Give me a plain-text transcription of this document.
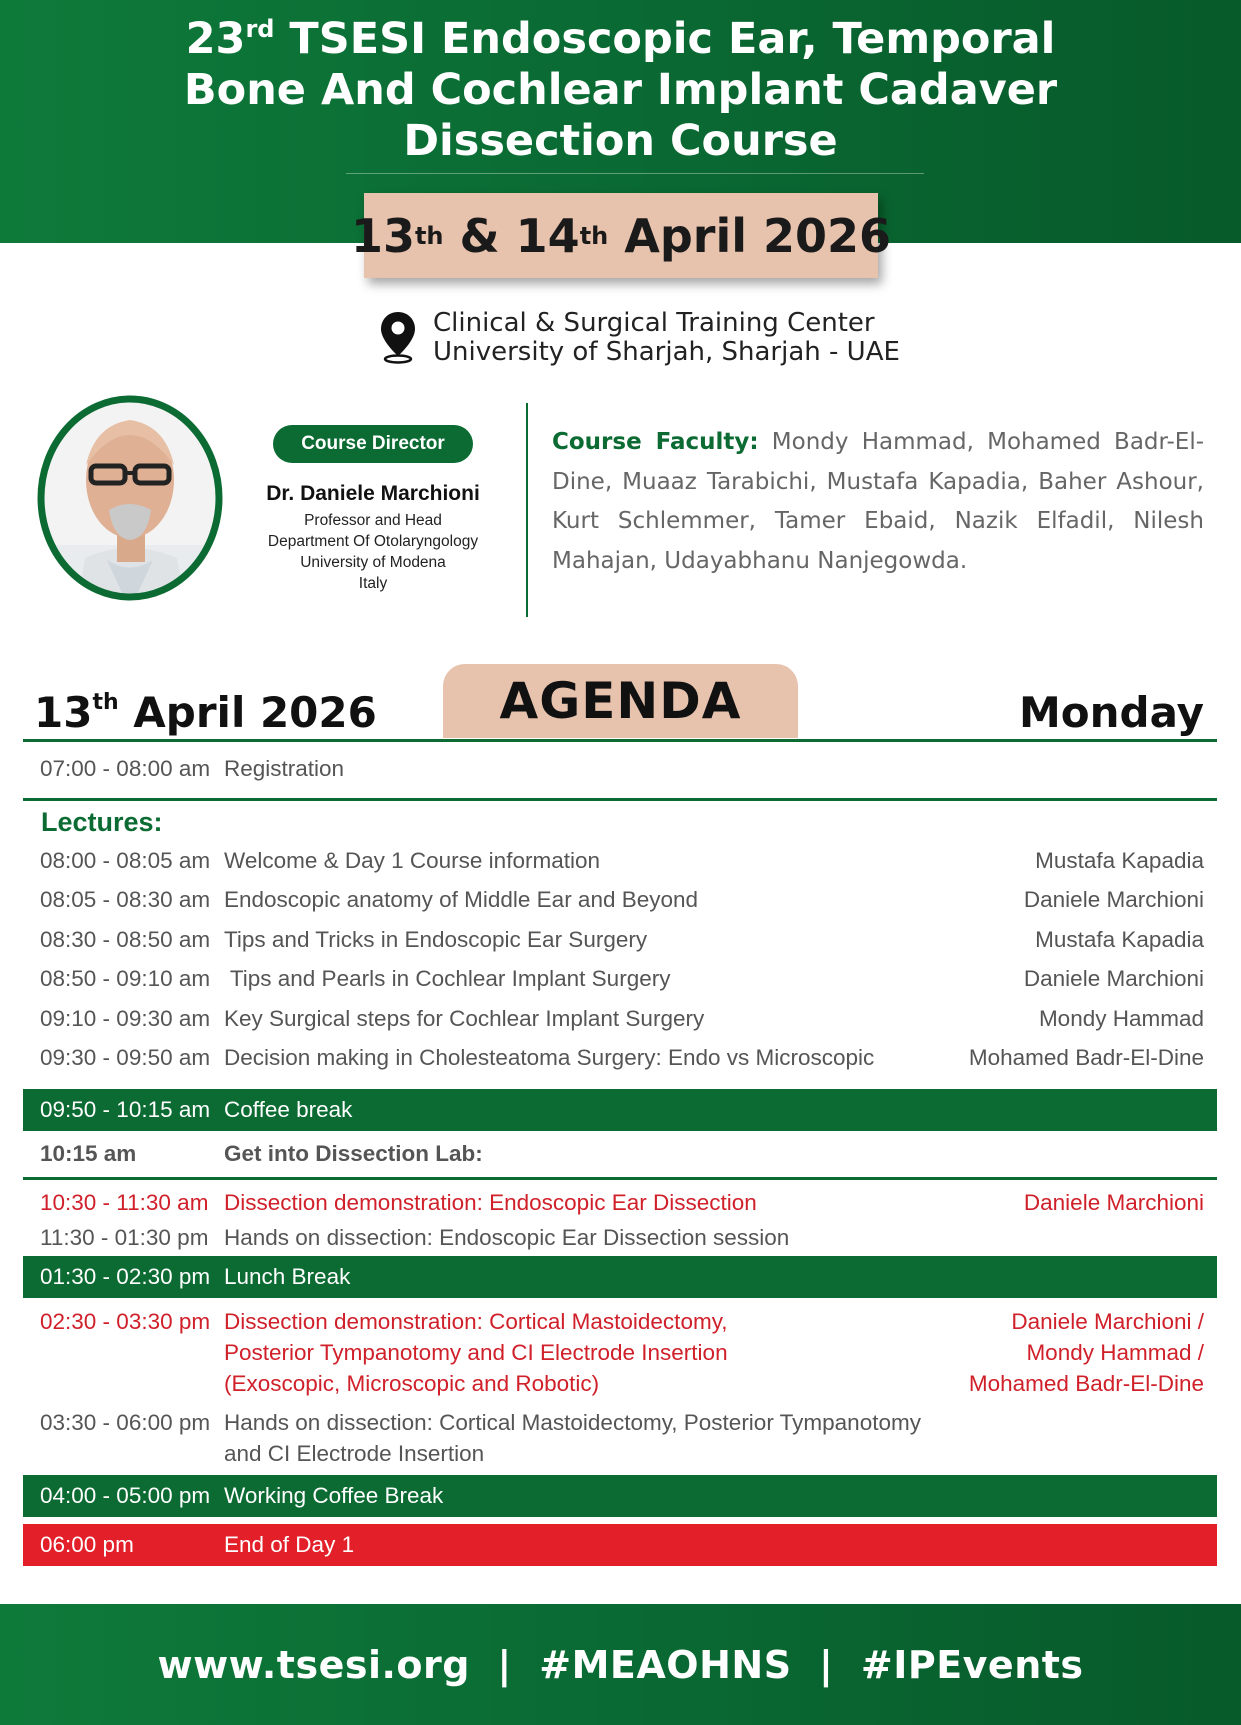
23rd TSESI Endoscopic Ear, Temporal
Bone And Cochlear Implant Cadaver
Dissection Course
13 th & 14 th April 2026
Clinical & Surgical Training Center
University of Sharjah, Sharjah - UAE
Course Director
Dr. Daniele Marchioni
Professor and Head
Department Of Otolaryngology
University of Modena
Italy
Course Faculty: Mondy Hammad, Mohamed Badr-El-Dine, Muaaz Tarabichi, Mustafa Kapadia, Baher Ashour, Kurt Schlemmer, Tamer Ebaid, Nazik Elfadil, Nilesh Mahajan, Udayabhanu Nanjegowda.
AGENDA
13th April 2026	Monday
07:00 - 08:00 am Registration
Lectures:
08:00 - 08:05 am Welcome & Day 1 Course information	Mustafa Kapadia
08:05 - 08:30 am Endoscopic anatomy of Middle Ear and Beyond	Daniele Marchioni
08:30 - 08:50 am Tips and Tricks in Endoscopic Ear Surgery	Mustafa Kapadia
08:50 - 09:10 am Tips and Pearls in Cochlear Implant Surgery	Daniele Marchioni
09:10 - 09:30 am Key Surgical steps for Cochlear Implant Surgery	Mondy Hammad
09:30 - 09:50 am Decision making in Cholesteatoma Surgery: Endo vs Microscopic	Mohamed Badr-El-Dine
09:50 - 10:15 am Coffee break
10:15 am	Get into Dissection Lab:
10:30 - 11:30 am Dissection demonstration: Endoscopic Ear Dissection	Daniele Marchioni
11:30 - 01:30 pm Hands on dissection: Endoscopic Ear Dissection session
01:30 - 02:30 pm Lunch Break
02:30 - 03:30 pm Dissection demonstration: Cortical Mastoidectomy,
Posterior Tympanotomy and CI Electrode Insertion
(Exoscopic, Microscopic and Robotic)
Daniele Marchioni /
Mondy Hammad /
Mohamed Badr-El-Dine
03:30 - 06:00 pm Hands on dissection: Cortical Mastoidectomy, Posterior Tympanotomy
and CI Electrode Insertion
04:00 - 05:00 pm Working Coffee Break
06:00 pm	End of Day 1
www.tsesi.org  |  #MEAOHNS  |  #IPEvents
